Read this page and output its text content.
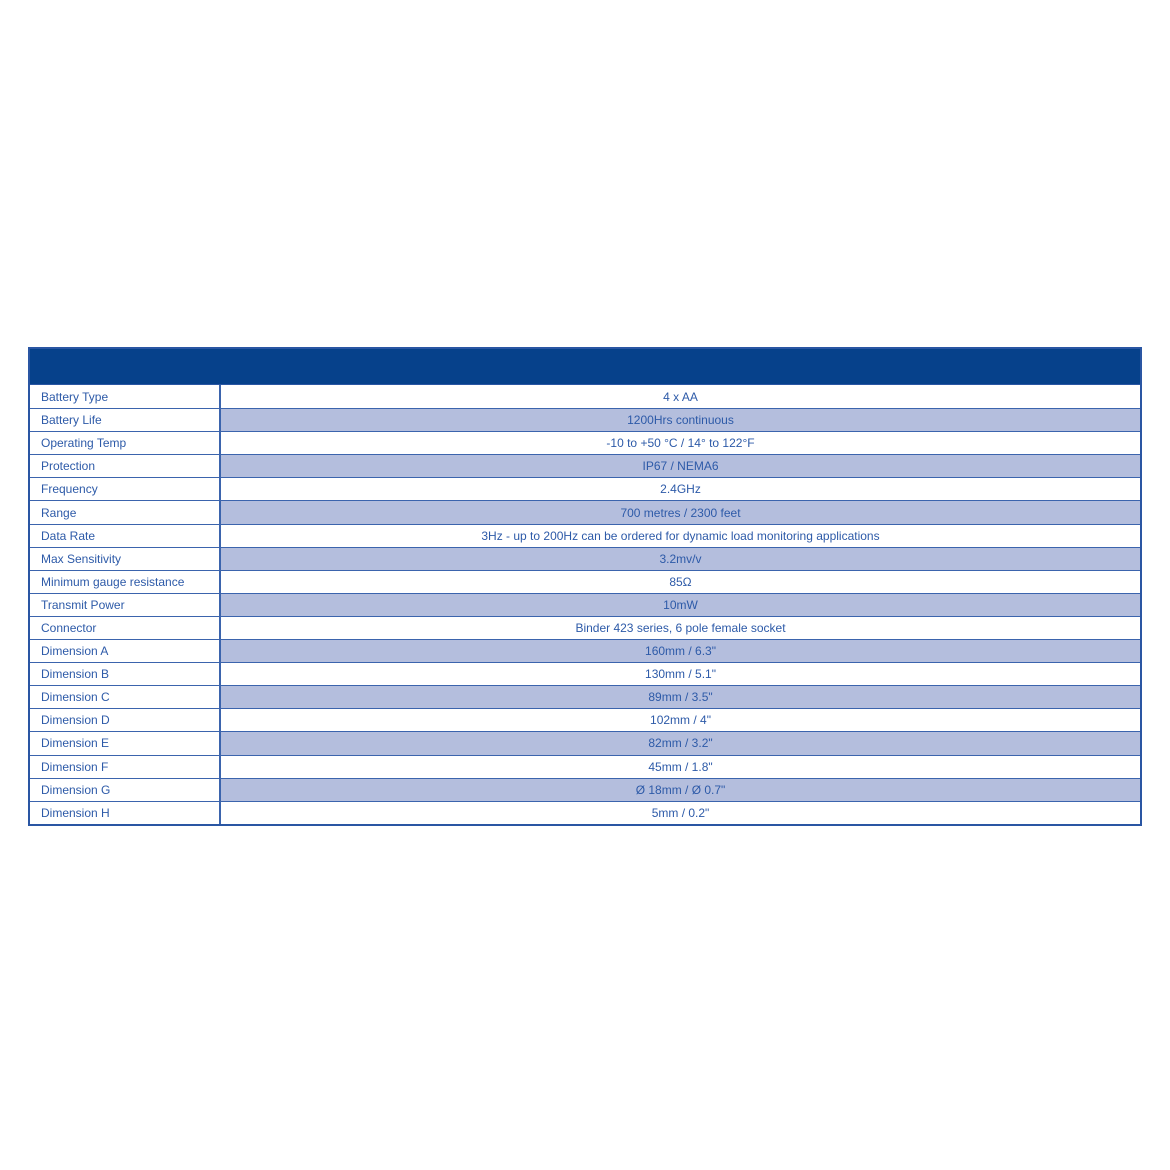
Battery Type	4 x AA
Battery Life	1200Hrs continuous
Operating Temp	-10 to +50 °C / 14° to 122°F
Protection	IP67 / NEMA6
Frequency	2.4GHz
Range	700 metres / 2300 feet
Data Rate	3Hz - up to 200Hz can be ordered for dynamic load monitoring applications
Max Sensitivity	3.2mv/v
Minimum gauge resistance	85Ω
Transmit Power	10mW
Connector	Binder 423 series, 6 pole female socket
Dimension A	160mm / 6.3"
Dimension B	130mm / 5.1"
Dimension C	89mm / 3.5"
Dimension D	102mm / 4"
Dimension E	82mm / 3.2"
Dimension F	45mm / 1.8"
Dimension G	Ø 18mm / Ø 0.7"
Dimension H	5mm / 0.2"
